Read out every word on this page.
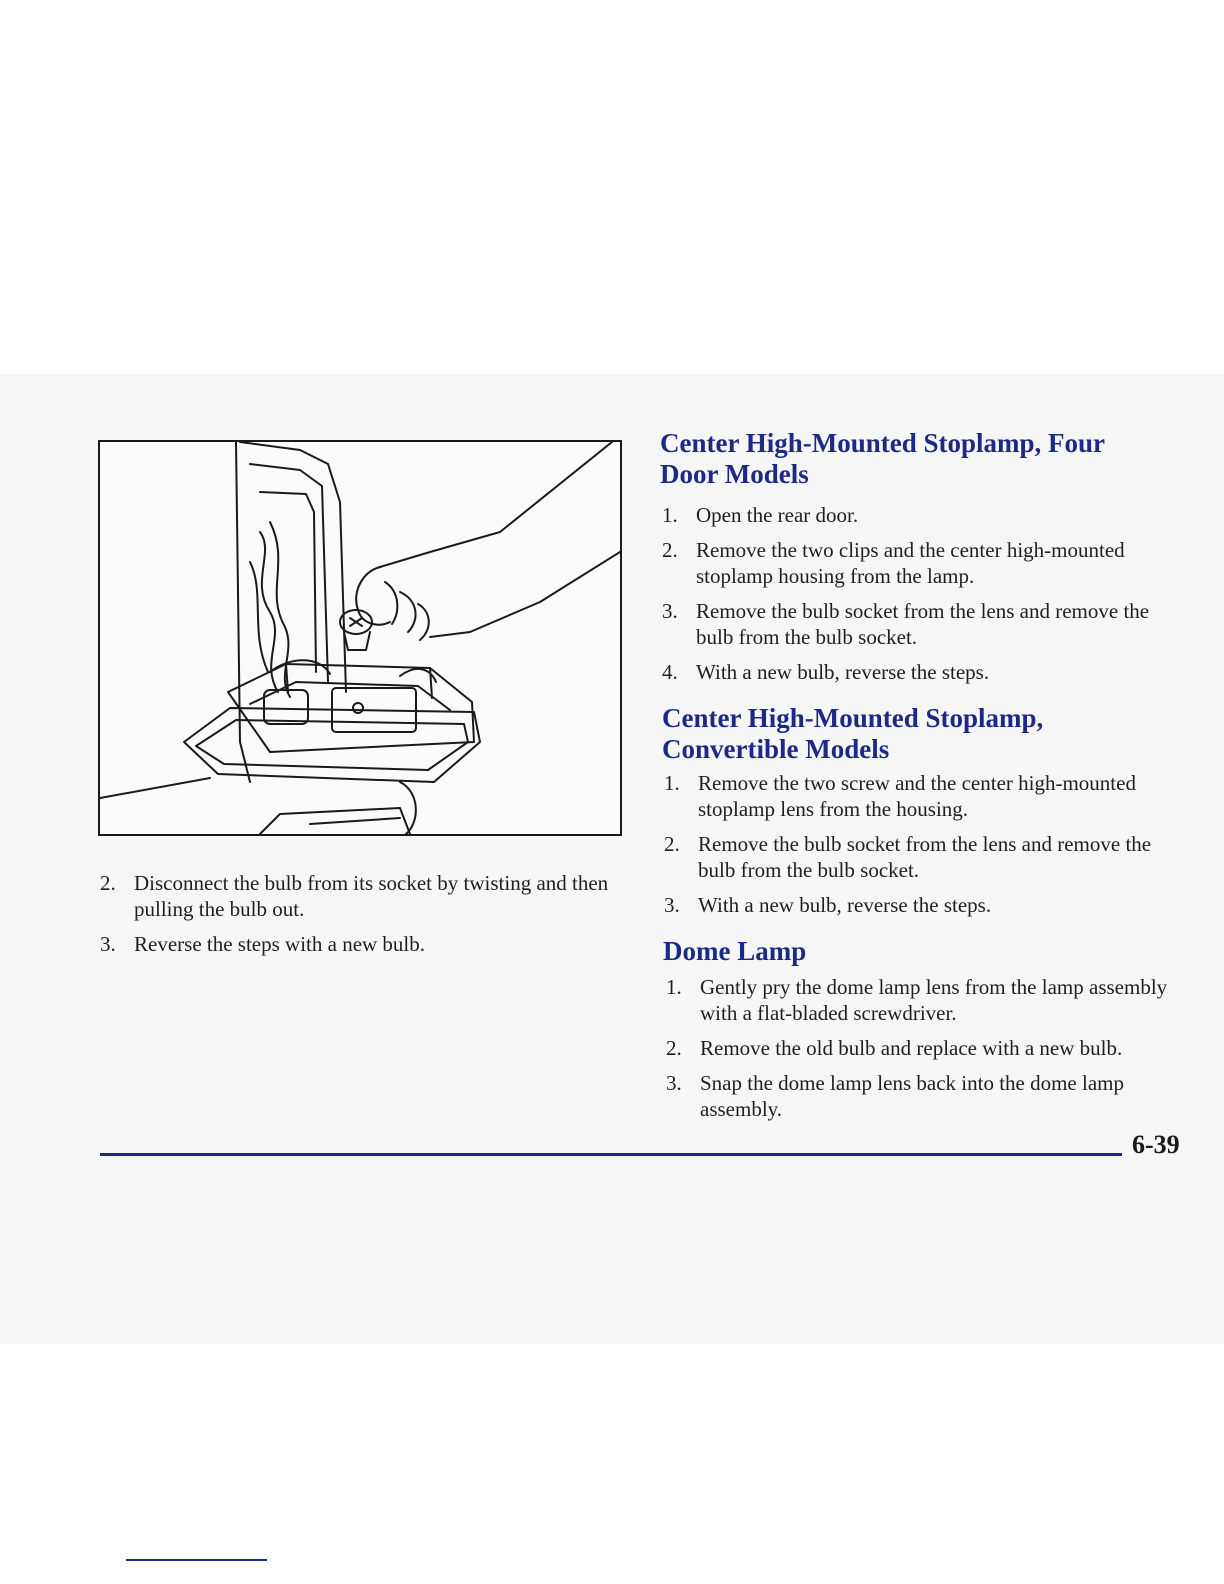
2. Disconnect the bulb from its socket by twisting and then pulling the bulb out.
3. Reverse the steps with a new bulb.
Center High-Mounted Stoplamp, Four Door Models
1. Open the rear door.
2. Remove the two clips and the center high-mounted stoplamp housing from the lamp.
3. Remove the bulb socket from the lens and remove the bulb from the bulb socket.
4. With a new bulb, reverse the steps.
Center High-Mounted Stoplamp, Convertible Models
1. Remove the two screw and the center high-mounted stoplamp lens from the housing.
2. Remove the bulb socket from the lens and remove the bulb from the bulb socket.
3. With a new bulb, reverse the steps.
Dome Lamp
1. Gently pry the dome lamp lens from the lamp assembly with a flat-bladed screwdriver.
2. Remove the old bulb and replace with a new bulb.
3. Snap the dome lamp lens back into the dome lamp assembly.
6-39
